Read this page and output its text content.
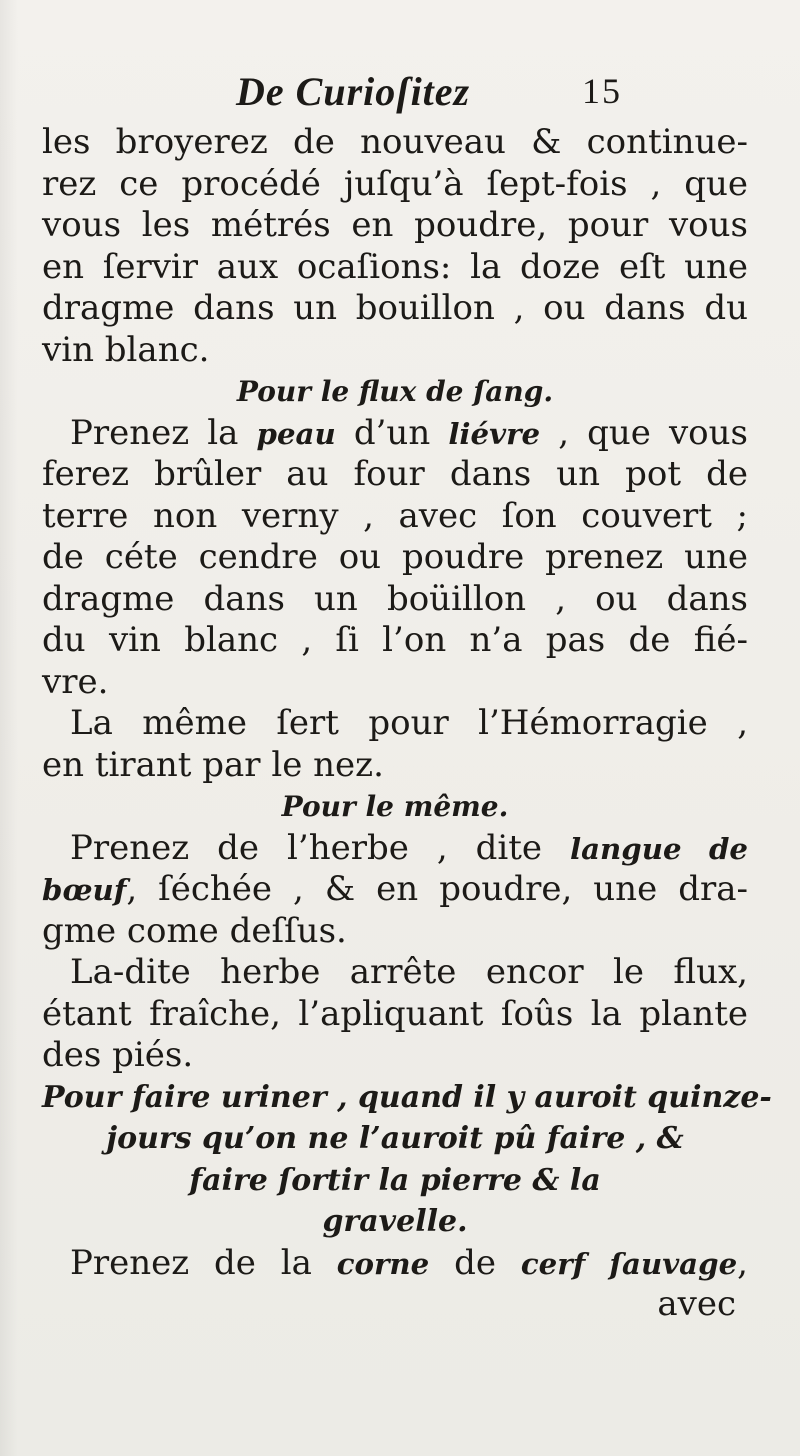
De Curioſitez	15
les broyerez de nouveau & continue-
rez ce procédé juſqu’à ſept-fois , que
vous les métrés en poudre, pour vous
en ſervir aux ocaſions: la doze eſt une
dragme dans un bouillon , ou dans du
vin blanc.
Pour le flux de ſang.
Prenez la peau d’un liévre , que vous
ferez brûler au four dans un pot de
terre non verny , avec ſon couvert ;
de céte cendre ou poudre prenez une
dragme dans un boüillon , ou dans
du vin blanc , ſi l’on n’a pas de fié-
vre.
La même ſert pour l’Hémorragie ,
en tirant par le nez.
Pour le même.
Prenez de l’herbe , dite langue de
bœuf, ſéchée , & en poudre, une dra-
gme come deſſus.
La-dite herbe arrête encor le flux,
étant fraîche, l’apliquant ſoûs la plante
des piés.
Pour faire uriner , quand il y auroit quinze-
jours qu’on ne l’auroit pû faire , &
faire ſortir la pierre & la
gravelle.
Prenez de la corne de cerf ſauvage,
avec
